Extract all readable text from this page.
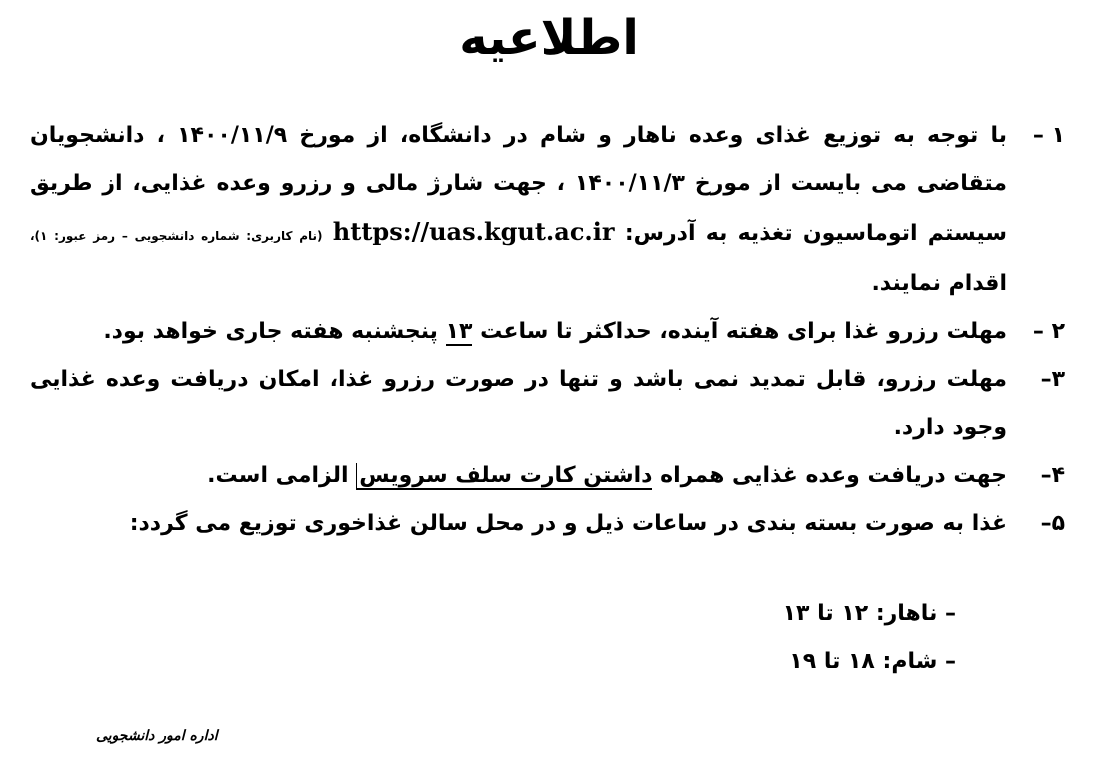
اطلاعیه
۱ –
با توجه به توزیع غذای وعده ناهار و شام در دانشگاه، از مورخ ۱۴۰۰/۱۱/۹ ، دانشجویان متقاضی می بایست از مورخ ۱۴۰۰/۱۱/۳ ، جهت شارژ مالی و رزرو وعده غذایی، از طریق سیستم اتوماسیون تغذیه به آدرس: https://uas.kgut.ac.ir (نام کاربری: شماره دانشجویی – رمز عبور: ۱)، اقدام نمایند.
۲ –
مهلت رزرو غذا برای هفته آینده، حداکثر تا ساعت ۱۳ پنجشنبه هفته جاری خواهد بود.
۳–
مهلت رزرو، قابل تمدید نمی باشد و تنها در صورت رزرو غذا، امکان دریافت وعده غذایی وجود دارد.
۴–
جهت دریافت وعده غذایی همراه داشتن کارت سلف سرویس الزامی است.
۵–
غذا به صورت بسته بندی در ساعات ذیل و در محل سالن غذاخوری توزیع می گردد:
– ناهار: ۱۲ تا ۱۳
– شام: ۱۸ تا ۱۹
اداره امور دانشجویی
